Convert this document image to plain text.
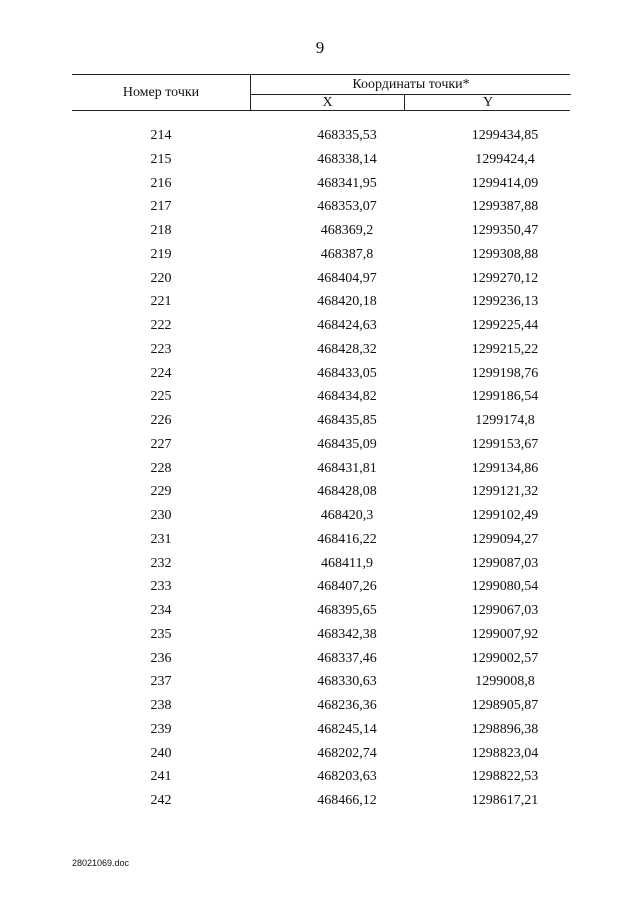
9
Номер точки	Координаты точки*
X	Y
214	468335,53	1299434,85
215	468338,14	1299424,4
216	468341,95	1299414,09
217	468353,07	1299387,88
218	468369,2	1299350,47
219	468387,8	1299308,88
220	468404,97	1299270,12
221	468420,18	1299236,13
222	468424,63	1299225,44
223	468428,32	1299215,22
224	468433,05	1299198,76
225	468434,82	1299186,54
226	468435,85	1299174,8
227	468435,09	1299153,67
228	468431,81	1299134,86
229	468428,08	1299121,32
230	468420,3	1299102,49
231	468416,22	1299094,27
232	468411,9	1299087,03
233	468407,26	1299080,54
234	468395,65	1299067,03
235	468342,38	1299007,92
236	468337,46	1299002,57
237	468330,63	1299008,8
238	468236,36	1298905,87
239	468245,14	1298896,38
240	468202,74	1298823,04
241	468203,63	1298822,53
242	468466,12	1298617,21
28021069.doc
